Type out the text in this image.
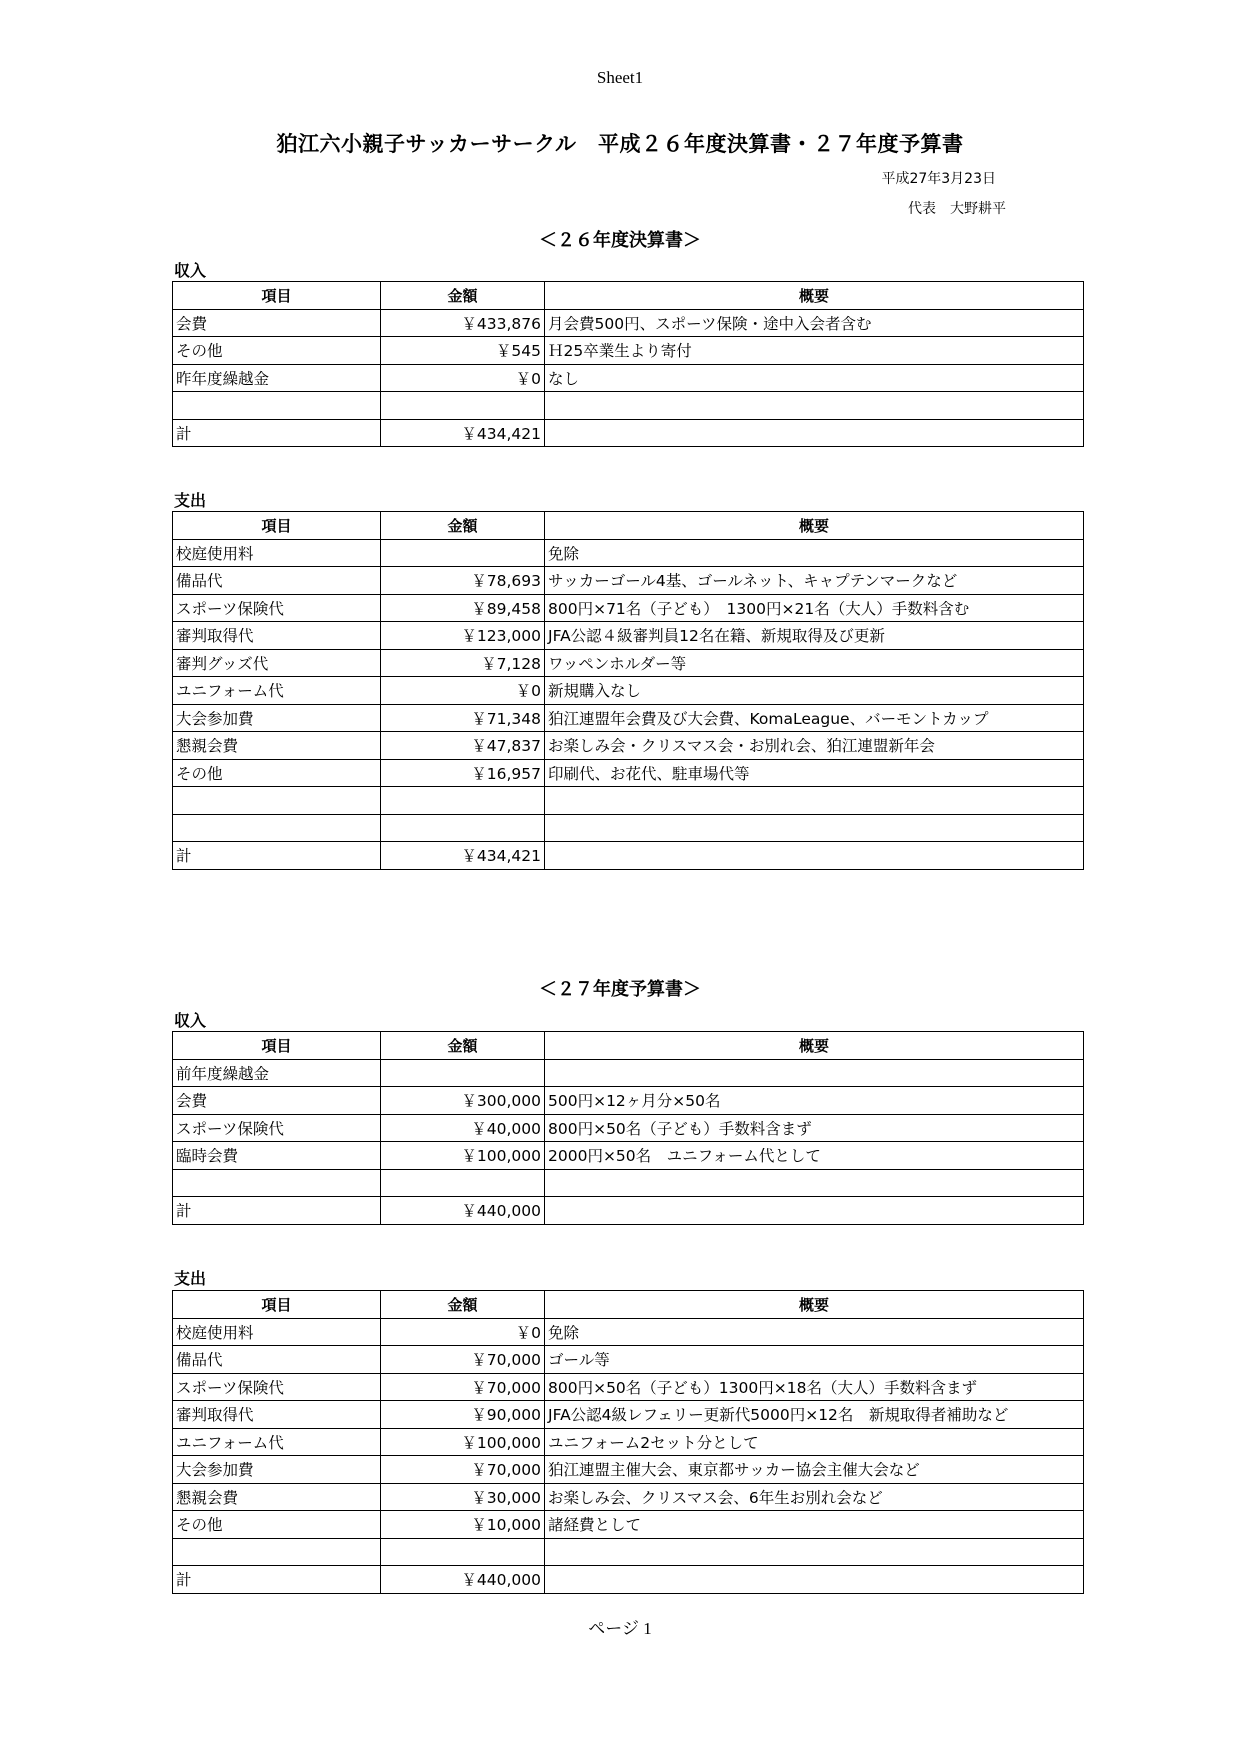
Sheet1
狛江六小親子サッカーサークル　平成２６年度決算書・２７年度予算書
平成27年3月23日
代表　大野耕平
＜２６年度決算書＞
収入
項目	金額	概要
会費	￥433,876	月会費500円、スポーツ保険・途中入会者含む
その他	￥545	Ｈ25卒業生より寄付
昨年度繰越金	￥0	なし

計	￥434,421	
支出
項目	金額	概要
校庭使用料		免除
備品代	￥78,693	サッカーゴール4基、ゴールネット、キャプテンマークなど
スポーツ保険代	￥89,458	800円×71名（子ども）　1300円×21名（大人）手数料含む
審判取得代	￥123,000	JFA公認４級審判員12名在籍、新規取得及び更新
審判グッズ代	￥7,128	ワッペンホルダー等
ユニフォーム代	￥0	新規購入なし
大会参加費	￥71,348	狛江連盟年会費及び大会費、KomaLeague、バーモントカップ
懇親会費	￥47,837	お楽しみ会・クリスマス会・お別れ会、狛江連盟新年会
その他	￥16,957	印刷代、お花代、駐車場代等

計	￥434,421	
＜２７年度予算書＞
収入
項目	金額	概要
前年度繰越金		
会費	￥300,000	500円×12ヶ月分×50名
スポーツ保険代	￥40,000	800円×50名（子ども）手数料含まず
臨時会費	￥100,000	2000円×50名　ユニフォーム代として

計	￥440,000	
支出
項目	金額	概要
校庭使用料	￥0	免除
備品代	￥70,000	ゴール等
スポーツ保険代	￥70,000	800円×50名（子ども）1300円×18名（大人）手数料含まず
審判取得代	￥90,000	JFA公認4級レフェリー更新代5000円×12名　新規取得者補助など
ユニフォーム代	￥100,000	ユニフォーム2セット分として
大会参加費	￥70,000	狛江連盟主催大会、東京都サッカー協会主催大会など
懇親会費	￥30,000	お楽しみ会、クリスマス会、6年生お別れ会など
その他	￥10,000	諸経費として

計	￥440,000	
ページ 1
